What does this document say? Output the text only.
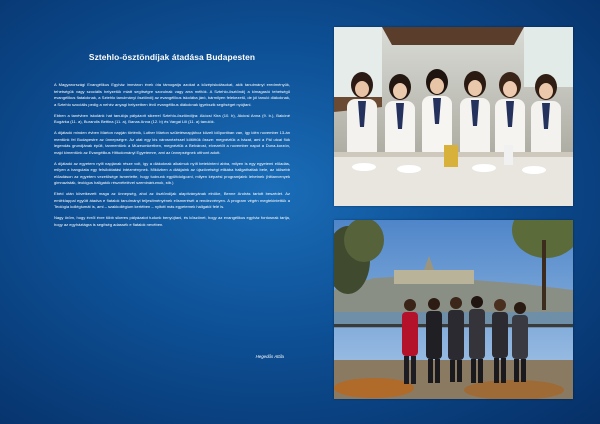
Sztehlo-ösztöndíjak átadása Budapesten

A Magyarországi Evangélikus Egyház immáron évek óta támogatja azokat a középiskolásokat, akik tanulmányi eredményük, tehetségük vagy szociális helyzetük miatt segítségre szorulnak vagy arra méltók. A Sztehlo-ösztöndíj a kimagasló tehetségű evangélikus fiataloknak, a Sztehlo tanulmányi ösztöndíj az evangélikus iskolába járó, bármilyen felekezetű, de jól tanuló diákoknak, a Sztehlo szociális pedig a nehéz anyagi helyzetben lévő evangélikus diákoknak igyekszik segítséget nyújtani.

Ebben a tanévben iskolánk hat tanulója pályázott sikerrel Sztehlo-ösztöndíjra: Akócsi Kira (10. b), Akócsi Anna (9. b.), Bakóné Bugárka (11. a), Burandis Bettina (11. a), Banas Anna (12. b) és Vargai Lili (11. a) tanulók.

A díjátadó minden évben Márton napján történik, Luther Márton születésnapjához közeli időpontban van, így idén november 13-án mentünk fel Budapestre az ünnepségre. Az utat egy kis városnézéssel kötöttük össze: megnéztük a házat, ami a Pál utcai fiúk legendás grundjának épült, tanmentünk a Múzeumkertben, megnéztük a Belvárost, elvezetőt a november napot a Duna-korzón, majd kimentünk az Evangélikus Hittudományi Egyetemre, ami az ünnepségnek otthont adott.

A díjátadó az egyetem nyílt napjának része volt, így a diákoknak alkalmuk nyílt betekinteni abba, milyen is egy egyetemi előadás, milyen a hangulata egy felsőoktatási intézménynek. Miközben a diákjaink az újszövetségi etikába hallgathattak bele, az idősebb előadáson az egyetem vezetősége ismertette, hogy tudnunk együttdolgozni, milyen képzési programjaink lehetnek (hittanvenyek gimnazisták, teológus hallgatók részvételével szemináriumok, stb.)

Ebéd után következett maga az ünnepség, ahol az ösztöndíjak alapítványának elnöke, Benne András tartott beszédet. Az emléklappal együtt átadva e fiatalok tanulmányi teljesítményének elismerését a rendezvényen. A program végén megtekintettük a Teológia kollégiumát is, ami – szakkollégium kertében – nyitott más egyetemek hallgatói felé is.

Nagy öröm, hogy évről évre több sikeres pályázatot tudunk benyújtani, és köszönet, hogy az evangélikus egyház fontosnak tartja, hogy az egyháztágra is segítség adassék e fiatalok nevében.

Hegedűs Attila
